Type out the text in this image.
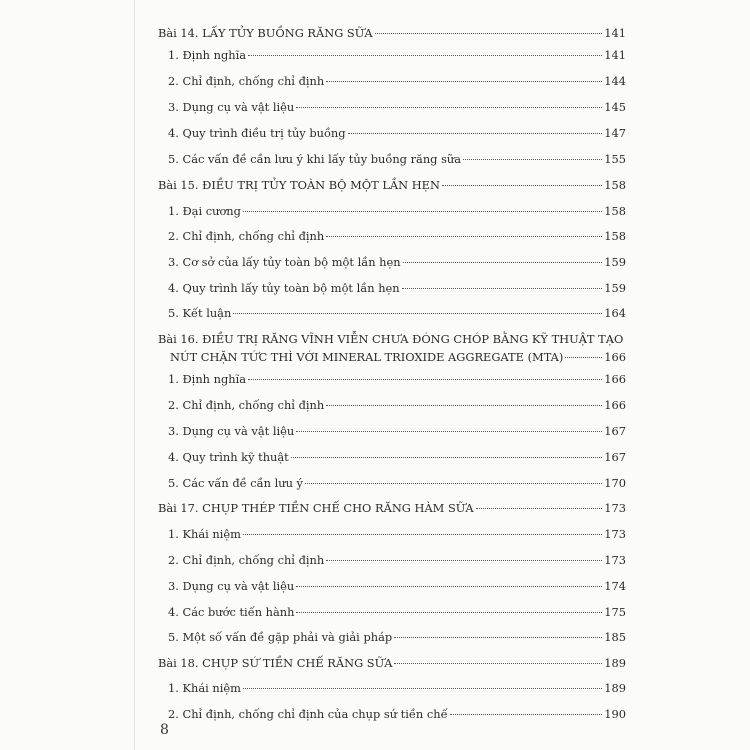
Bài 14. LẤY TỦY BUỒNG RĂNG SỮA	141
1. Định nghĩa	141
2. Chỉ định, chống chỉ định	144
3. Dụng cụ và vật liệu	145
4. Quy trình điều trị tủy buồng	147
5. Các vấn đề cần lưu ý khi lấy tủy buồng răng sữa	155
Bài 15. ĐIỀU TRỊ TỦY TOÀN BỘ MỘT LẦN HẸN	158
1. Đại cương	158
2. Chỉ định, chống chỉ định	158
3. Cơ sở của lấy tủy toàn bộ một lần hẹn	159
4. Quy trình lấy tủy toàn bộ một lần hẹn	159
5. Kết luận	164
Bài 16. ĐIỀU TRỊ RĂNG VĨNH VIỄN CHƯA ĐÓNG CHÓP BẰNG KỸ THUẬT TẠO
NÚT CHẶN TỨC THÌ VỚI MINERAL TRIOXIDE AGGREGATE (MTA)	166
1. Định nghĩa	166
2. Chỉ định, chống chỉ định	166
3. Dụng cụ và vật liệu	167
4. Quy trình kỹ thuật	167
5. Các vấn đề cần lưu ý	170
Bài 17. CHỤP THÉP TIỀN CHẾ CHO RĂNG HÀM SỮA	173
1. Khái niệm	173
2. Chỉ định, chống chỉ định	173
3. Dụng cụ và vật liệu	174
4. Các bước tiến hành	175
5. Một số vấn đề gặp phải và giải pháp	185
Bài 18. CHỤP SỨ TIỀN CHẾ RĂNG SỮA	189
1. Khái niệm	189
2. Chỉ định, chống chỉ định của chụp sứ tiền chế	190
8
